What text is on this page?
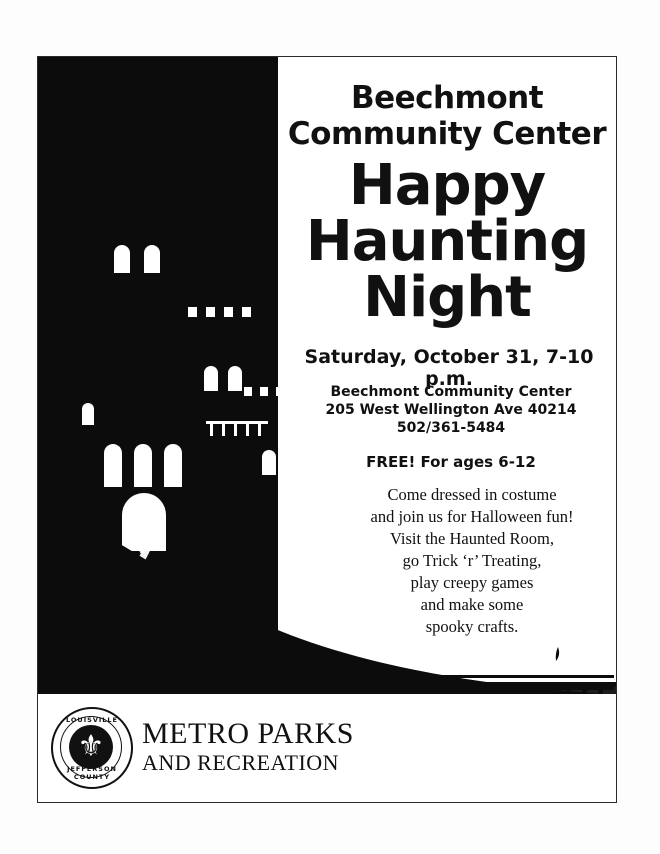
Beechmont
Community Center
Happy
Haunting
Night
Saturday, October 31, 7-10 p.m.
Beechmont Community Center
205 West Wellington Ave 40214
502/361-5484
FREE! For ages 6-12
Come dressed in costume
and join us for Halloween fun!
Visit the Haunted Room,
go Trick ‘r’ Treating,
play creepy games
and make some
spooky crafts.
⚜
LOUISVILLE
JEFFERSON COUNTY
METRO PARKS
AND RECREATION
